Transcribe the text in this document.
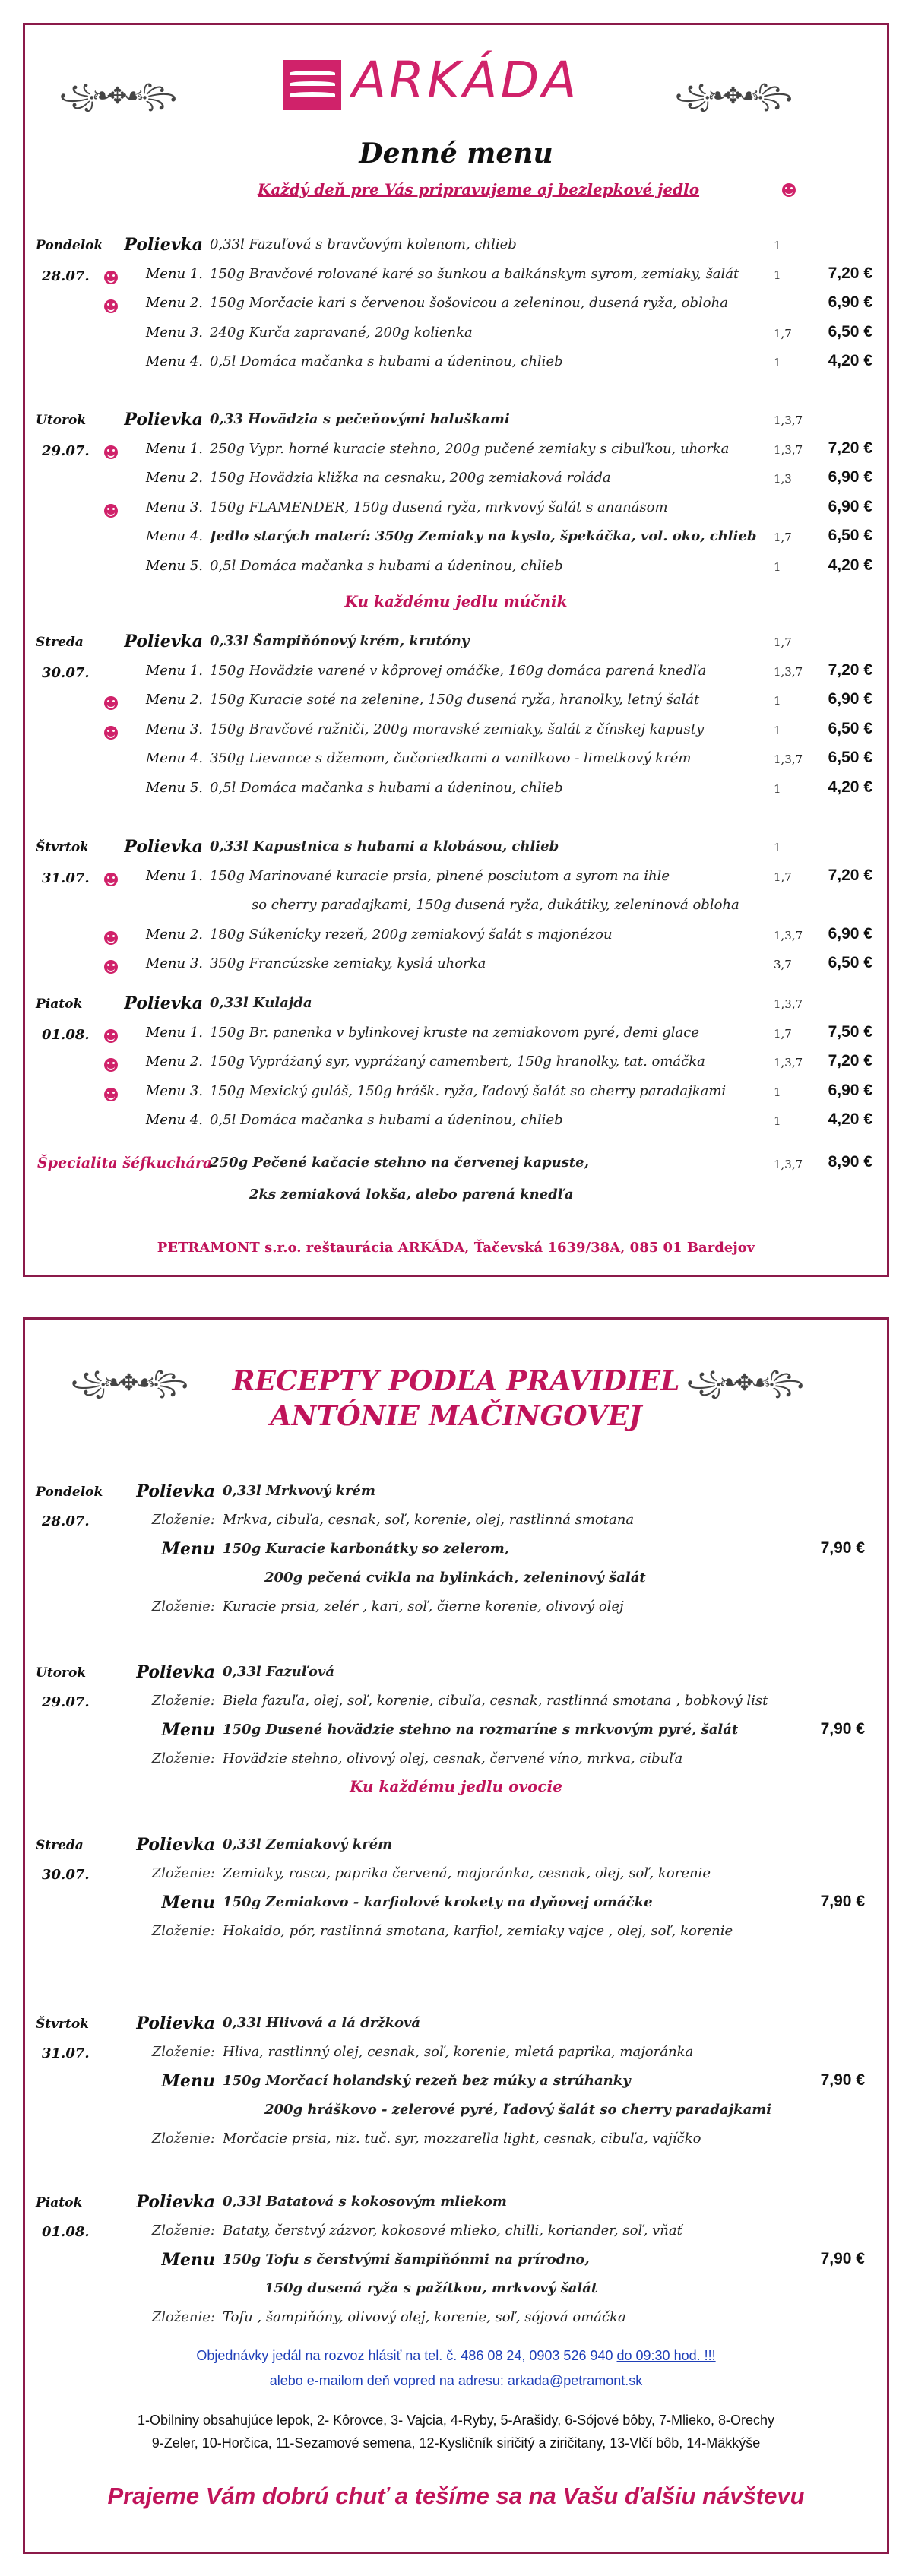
꧁❧✥☙꧂	꧁❧✥☙꧂
ARKÁDA
Denné menu
Každý deň pre Vás pripravujeme aj bezlepkové jedlo
Pondelok
28.07.
Polievka 0,33l Fazuľová s bravčovým kolenom, chlieb	1
Menu 1. 150g Bravčové rolované karé so šunkou a balkánskym syrom, zemiaky, šalát	1	7,20 €
Menu 2. 150g Morčacie kari s červenou šošovicou a zeleninou, dusená ryža, obloha	6,90 €
Menu 3. 240g Kurča zapravané, 200g kolienka	1,7	6,50 €
Menu 4. 0,5l Domáca mačanka s hubami a údeninou, chlieb	1	4,20 €
Utorok
29.07.
Polievka 0,33 Hovädzia s pečeňovými haluškami	1,3,7
Menu 1. 250g Vypr. horné kuracie stehno, 200g pučené zemiaky s cibuľkou, uhorka	1,3,7	7,20 €
Menu 2. 150g Hovädzia kližka na cesnaku, 200g zemiaková roláda	1,3	6,90 €
Menu 3. 150g FLAMENDER, 150g dusená ryža, mrkvový šalát s ananásom	6,90 €
Menu 4. Jedlo starých materí: 350g Zemiaky na kyslo, špekáčka, vol. oko, chlieb	1,7	6,50 €
Menu 5. 0,5l Domáca mačanka s hubami a údeninou, chlieb	1	4,20 €
Streda
30.07.
Polievka 0,33l Šampiňónový krém, krutóny	1,7
Menu 1. 150g Hovädzie varené v kôprovej omáčke, 160g domáca parená knedľa	1,3,7	7,20 €
Menu 2. 150g Kuracie soté na zelenine, 150g dusená ryža, hranolky, letný šalát	1	6,90 €
Menu 3. 150g Bravčové ražniči, 200g moravské zemiaky, šalát z čínskej kapusty	1	6,50 €
Menu 4. 350g Lievance s džemom, čučoriedkami a vanilkovo - limetkový krém	1,3,7	6,50 €
Menu 5. 0,5l Domáca mačanka s hubami a údeninou, chlieb	1	4,20 €
Štvrtok
31.07.
Polievka 0,33l Kapustnica s hubami a klobásou, chlieb	1
Menu 1. 150g Marinované kuracie prsia, plnené posciutom a syrom na ihle	1,7	7,20 €
so cherry paradajkami, 150g dusená ryža, dukátiky, zeleninová obloha
Menu 2. 180g Súkenícky rezeň, 200g zemiakový šalát s majonézou	1,3,7	6,90 €
Menu 3. 350g Francúzske zemiaky, kyslá uhorka	3,7	6,50 €
Piatok
01.08.
Polievka 0,33l Kulajda	1,3,7
Menu 1. 150g Br. panenka v bylinkovej kruste na zemiakovom pyré, demi glace	1,7	7,50 €
Menu 2. 150g Vypráżaný syr, vypráżaný camembert, 150g hranolky, tat. omáčka	1,3,7	7,20 €
Menu 3. 150g Mexický guláš, 150g hrášk. ryža, ľadový šalát so cherry paradajkami	1	6,90 €
Menu 4. 0,5l Domáca mačanka s hubami a údeninou, chlieb	1	4,20 €
Ku každému jedlu múčnik
Špecialita šéfkuchára
250g Pečené kačacie stehno na červenej kapuste,	1,3,7	8,90 €
2ks zemiaková lokša, alebo parená knedľa
PETRAMONT s.r.o. reštaurácia ARKÁDA, Ťačevská 1639/38A, 085 01 Bardejov
꧁❧✥☙꧂	꧁❧✥☙꧂
RECEPTY PODĽA PRAVIDIEL
ANTÓNIE MAČINGOVEJ
Pondelok
28.07.
Polievka 0,33l Mrkvový krém
Zloženie: Mrkva, cibuľa, cesnak, soľ, korenie, olej, rastlinná smotana
Menu 150g Kuracie karbonátky so zelerom,	7,90 €
200g pečená cvikla na bylinkách, zeleninový šalát
Zloženie: Kuracie prsia, zelér , kari, soľ, čierne korenie, olivový olej
Utorok
29.07.
Polievka 0,33l Fazuľová
Zloženie: Biela fazuľa, olej, soľ, korenie, cibuľa, cesnak, rastlinná smotana , bobkový list
Menu 150g Dusené hovädzie stehno na rozmaríne s mrkvovým pyré, šalát	7,90 €
Zloženie: Hovädzie stehno, olivový olej, cesnak, červené víno, mrkva, cibuľa
Streda
30.07.
Polievka 0,33l Zemiakový krém
Zloženie: Zemiaky, rasca, paprika červená, majoránka, cesnak, olej, soľ, korenie
Menu 150g Zemiakovo - karfiolové krokety na dyňovej omáčke	7,90 €
Zloženie: Hokaido, pór, rastlinná smotana, karfiol, zemiaky vajce , olej, soľ, korenie
Štvrtok
31.07.
Polievka 0,33l Hlivová a lá držková
Zloženie: Hliva, rastlinný olej, cesnak, soľ, korenie, mletá paprika, majoránka
Menu 150g Morčací holandský rezeň bez múky a strúhanky	7,90 €
200g hráškovo - zelerové pyré, ľadový šalát so cherry paradajkami
Zloženie: Morčacie prsia, niz. tuč. syr, mozzarella light, cesnak, cibuľa, vajíčko
Piatok
01.08.
Polievka 0,33l Batatová s kokosovým mliekom
Zloženie: Bataty, čerstvý zázvor, kokosové mlieko, chilli, koriander, soľ, vňať
Menu 150g Tofu s čerstvými šampiňónmi na prírodno,	7,90 €
150g dusená ryža s pažítkou, mrkvový šalát
Zloženie: Tofu , šampiňóny, olivový olej, korenie, soľ, sójová omáčka
Ku každému jedlu ovocie
Objednávky jedál na rozvoz hlásiť na tel. č. 486 08 24, 0903 526 940 do 09:30 hod. !!!
alebo e-mailom deň vopred na adresu: arkada@petramont.sk
1-Obilniny obsahujúce lepok, 2- Kôrovce, 3- Vajcia, 4-Ryby, 5-Arašidy, 6-Sójové bôby, 7-Mlieko, 8-Orechy
9-Zeler, 10-Horčica, 11-Sezamové semena, 12-Kysličník siričitý a ziričitany, 13-Vlčí bôb, 14-Mäkkýše
Prajeme Vám dobrú chuť a tešíme sa na Vašu ďalšiu návštevu
